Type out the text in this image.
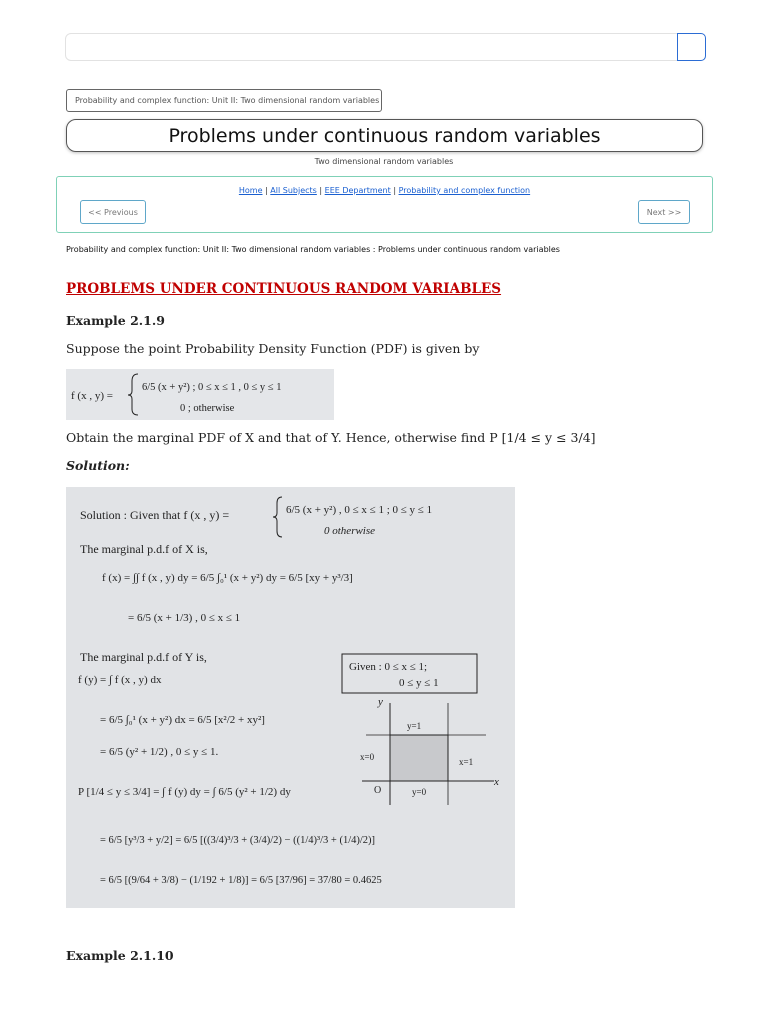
Probability and complex function: Unit II: Two dimensional random variables
Problems under continuous random variables
Two dimensional random variables
Home | All Subjects | EEE Department | Probability and complex function
<< Previous	Next >>
Probability and complex function: Unit II: Two dimensional random variables : Problems under continuous random variables
PROBLEMS UNDER CONTINUOUS RANDOM VARIABLES
Example 2.1.9
Suppose the point Probability Density Function (PDF) is given by
f (x , y) =
6/5 (x + y²) ; 0 ≤ x ≤ 1 , 0 ≤ y ≤ 1
0 ; otherwise
Obtain the marginal PDF of X and that of Y. Hence, otherwise find P [1/4 ≤ y ≤ 3/4]
Solution:
Solution : Given that f (x , y) =	6/5 (x + y²) , 0 ≤ x ≤ 1 ; 0 ≤ y ≤ 1
0 otherwise
The marginal p.d.f of X is,
f (x) = ∫∫ f (x , y) dy = 6/5 ∫₀¹ (x + y²) dy = 6/5 [xy + y³/3]
= 6/5 (x + 1/3) , 0 ≤ x ≤ 1
The marginal p.d.f of Y is,
f (y) = ∫ f (x , y) dx
= 6/5 ∫₀¹ (x + y²) dx = 6/5 [x²/2 + xy²]
= 6/5 (y² + 1/2) , 0 ≤ y ≤ 1.
P [1/4 ≤ y ≤ 3/4] = ∫ f (y) dy = ∫ 6/5 (y² + 1/2) dy
= 6/5 [y³/3 + y/2] = 6/5 [((3/4)³/3 + (3/4)/2) − ((1/4)³/3 + (1/4)/2)]
= 6/5 [(9/64 + 3/8) − (1/192 + 1/8)] = 6/5 [37/96] = 37/80 = 0.4625
Given : 0 ≤ x ≤ 1;
0 ≤ y ≤ 1
y
x
O
y=1
x=0	x=1
y=0
Example 2.1.10
